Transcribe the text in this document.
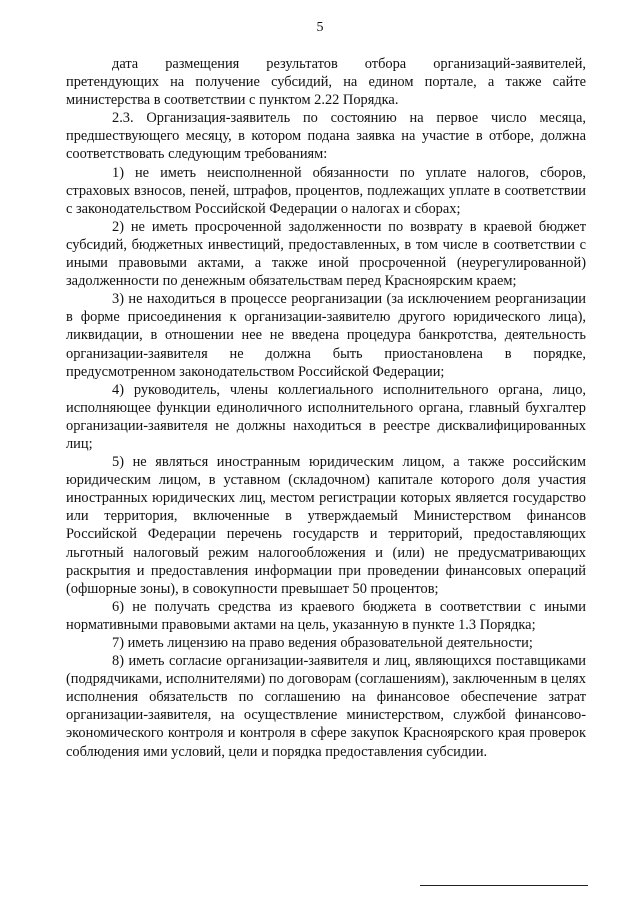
5

дата размещения результатов отбора организаций-заявителей, претендующих на получение субсидий, на едином портале, а также сайте министерства в соответствии с пунктом 2.22 Порядка.

2.3. Организация-заявитель по состоянию на первое число месяца, предшествующего месяцу, в котором подана заявка на участие в отборе, должна соответствовать следующим требованиям:

1) не иметь неисполненной обязанности по уплате налогов, сборов, страховых взносов, пеней, штрафов, процентов, подлежащих уплате в соответствии с законодательством Российской Федерации о налогах и сборах;

2) не иметь просроченной задолженности по возврату в краевой бюджет субсидий, бюджетных инвестиций, предоставленных, в том числе в соответствии с иными правовыми актами, а также иной просроченной (неурегулированной) задолженности по денежным обязательствам перед Красноярским краем;

3) не находиться в процессе реорганизации (за исключением реорганизации в форме присоединения к организации-заявителю другого юридического лица), ликвидации, в отношении нее не введена процедура банкротства, деятельность организации-заявителя не должна быть приостановлена в порядке, предусмотренном законодательством Российской Федерации;

4) руководитель, члены коллегиального исполнительного органа, лицо, исполняющее функции единоличного исполнительного органа, главный бухгалтер организации-заявителя не должны находиться в реестре дисквалифицированных лиц;

5) не являться иностранным юридическим лицом, а также российским юридическим лицом, в уставном (складочном) капитале которого доля участия иностранных юридических лиц, местом регистрации которых является государство или территория, включенные в утверждаемый Министерством финансов Российской Федерации перечень государств и территорий, предоставляющих льготный налоговый режим налогообложения и (или) не предусматривающих раскрытия и предоставления информации при проведении финансовых операций (офшорные зоны), в совокупности превышает 50 процентов;

6) не получать средства из краевого бюджета в соответствии с иными нормативными правовыми актами на цель, указанную в пункте 1.3 Порядка;

7) иметь лицензию на право ведения образовательной деятельности;

8) иметь согласие организации-заявителя и лиц, являющихся поставщиками (подрядчиками, исполнителями) по договорам (соглашениям), заключенным в целях исполнения обязательств по соглашению на финансовое обеспечение затрат организации-заявителя, на осуществление министерством, службой финансово-экономического контроля и контроля в сфере закупок Красноярского края проверок соблюдения ими условий, цели и порядка предоставления субсидии.
